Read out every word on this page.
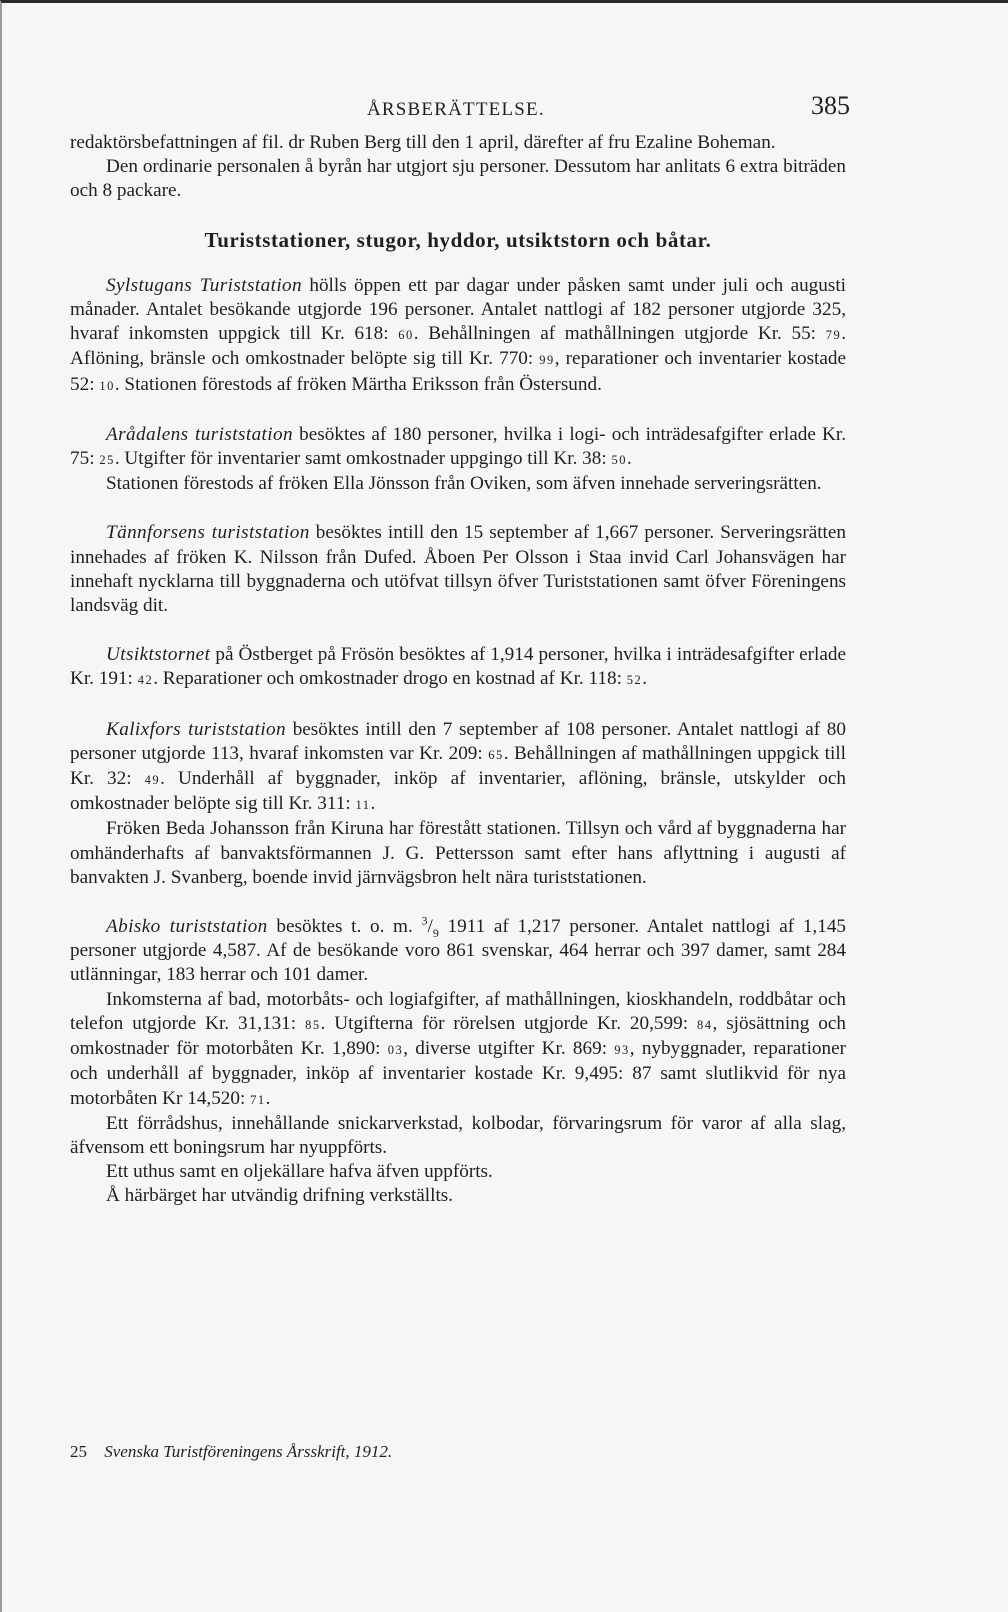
ÅRSBERÄTTELSE.	385

redaktörsbefattningen af fil. dr Ruben Berg till den 1 april, därefter af fru Ezaline Boheman.

Den ordinarie personalen å byrån har utgjort sju personer. Dessutom har anlitats 6 extra biträden och 8 packare.

Turiststationer, stugor, hyddor, utsiktstorn och båtar.

Sylstugans Turiststation hölls öppen ett par dagar under påsken samt under juli och augusti månader. Antalet besökande utgjorde 196 personer. Antalet nattlogi af 182 personer utgjorde 325, hvaraf inkomsten uppgick till Kr. 618: 60. Behållningen af mathållningen utgjorde Kr. 55: 79. Aflöning, bränsle och omkostnader belöpte sig till Kr. 770: 99, reparationer och inventarier kostade 52: 10. Stationen förestods af fröken Märtha Eriksson från Östersund.

Arådalens turiststation besöktes af 180 personer, hvilka i logi- och inträdesafgifter erlade Kr. 75: 25. Utgifter för inventarier samt omkostnader uppgingo till Kr. 38: 50.

Stationen förestods af fröken Ella Jönsson från Oviken, som äfven innehade serveringsrätten.

Tännforsens turiststation besöktes intill den 15 september af 1,667 personer. Serveringsrätten innehades af fröken K. Nilsson från Dufed. Åboen Per Olsson i Staa invid Carl Johansvägen har innehaft nycklarna till byggnaderna och utöfvat tillsyn öfver Turiststationen samt öfver Föreningens landsväg dit.

Utsiktstornet på Östberget på Frösön besöktes af 1,914 personer, hvilka i inträdesafgifter erlade Kr. 191: 42. Reparationer och omkostnader drogo en kostnad af Kr. 118: 52.

Kalixfors turiststation besöktes intill den 7 september af 108 personer. Antalet nattlogi af 80 personer utgjorde 113, hvaraf inkomsten var Kr. 209: 65. Behållningen af mathållningen uppgick till Kr. 32: 49. Underhåll af byggnader, inköp af inventarier, aflöning, bränsle, utskylder och omkostnader belöpte sig till Kr. 311: 11.

Fröken Beda Johansson från Kiruna har förestått stationen. Tillsyn och vård af byggnaderna har omhänderhafts af banvaktsförmannen J. G. Pettersson samt efter hans aflyttning i augusti af banvakten J. Svanberg, boende invid järnvägsbron helt nära turiststationen.

Abisko turiststation besöktes t. o. m. $^3/_9$ 1911 af 1,217 personer. Antalet nattlogi af 1,145 personer utgjorde 4,587. Af de besökande voro 861 svenskar, 464 herrar och 397 damer, samt 284 utlänningar, 183 herrar och 101 damer.

Inkomsterna af bad, motorbåts- och logiafgifter, af mathållningen, kioskhandeln, roddbåtar och telefon utgjorde Kr. 31,131: 85. Utgifterna för rörelsen utgjorde Kr. 20,599: 84, sjösättning och omkostnader för motorbåten Kr. 1,890: 03, diverse utgifter Kr. 869: 93, nybyggnader, reparationer och underhåll af byggnader, inköp af inventarier kostade Kr. 9,495: 87 samt slutlikvid för nya motorbåten Kr 14,520: 71.

Ett förrådshus, innehållande snickarverkstad, kolbodar, förvaringsrum för varor af alla slag, äfvensom ett boningsrum har nyuppförts.

Ett uthus samt en oljekällare hafva äfven uppförts.

Å härbärget har utvändig drifning verkställts.

25 Svenska Turistföreningens Årsskrift, 1912.
